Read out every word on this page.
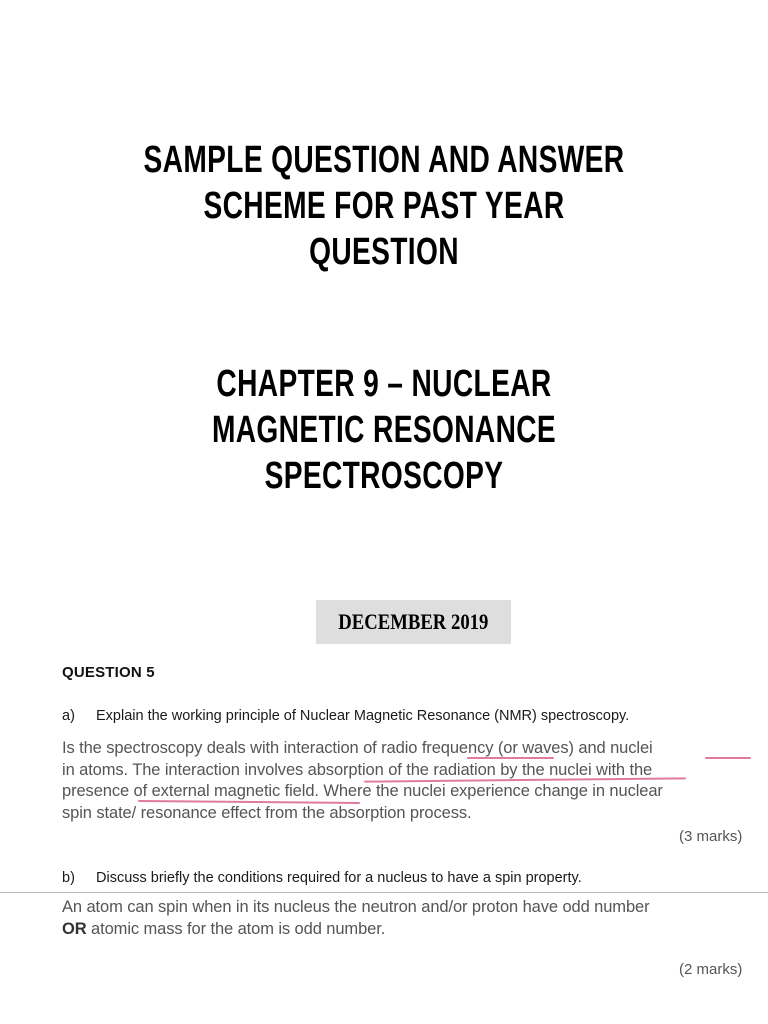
SAMPLE QUESTION AND ANSWER
SCHEME FOR PAST YEAR
QUESTION
CHAPTER 9 – NUCLEAR
MAGNETIC RESONANCE
SPECTROSCOPY
DECEMBER 2019
QUESTION 5
a) Explain the working principle of Nuclear Magnetic Resonance (NMR) spectroscopy.
Is the spectroscopy deals with interaction of radio frequency (or waves) and nuclei
in atoms. The interaction involves absorption of the radiation by the nuclei with the
presence of external magnetic field. Where the nuclei experience change in nuclear
spin state/ resonance effect from the absorption process.
(3 marks)
b) Discuss briefly the conditions required for a nucleus to have a spin property.
An atom can spin when in its nucleus the neutron and/or proton have odd number
OR atomic mass for the atom is odd number.
(2 marks)
